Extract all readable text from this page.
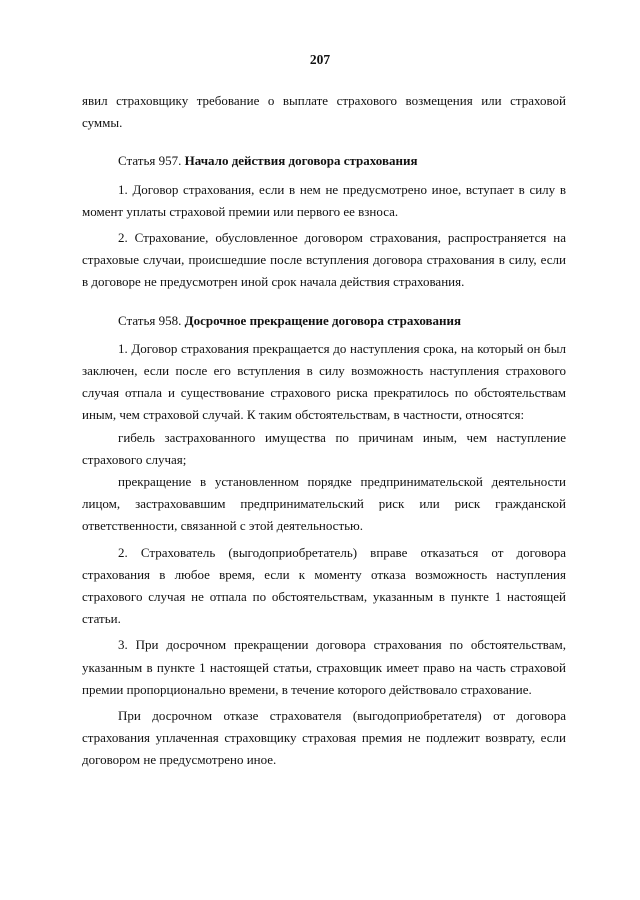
207

явил страховщику требование о выплате страхового возмещения или страховой суммы.

Статья 957. Начало действия договора страхования

1. Договор страхования, если в нем не предусмотрено иное, вступает в силу в момент уплаты страховой премии или первого ее взноса.

2. Страхование, обусловленное договором страхования, распространяется на страховые случаи, происшедшие после вступления договора страхования в силу, если в договоре не предусмотрен иной срок начала действия страхования.

Статья 958. Досрочное прекращение договора страхования

1. Договор страхования прекращается до наступления срока, на который он был заключен, если после его вступления в силу возможность наступления страхового случая отпала и существование страхового риска прекратилось по обстоятельствам иным, чем страховой случай. К таким обстоятельствам, в частности, относятся:

гибель застрахованного имущества по причинам иным, чем наступление страхового случая;

прекращение в установленном порядке предпринимательской деятельности лицом, застраховавшим предпринимательский риск или риск гражданской ответственности, связанной с этой деятельностью.

2. Страхователь (выгодоприобретатель) вправе отказаться от договора страхования в любое время, если к моменту отказа возможность наступления страхового случая не отпала по обстоятельствам, указанным в пункте 1 настоящей статьи.

3. При досрочном прекращении договора страхования по обстоятельствам, указанным в пункте 1 настоящей статьи, страховщик имеет право на часть страховой премии пропорционально времени, в течение которого действовало страхование.

При досрочном отказе страхователя (выгодоприобретателя) от договора страхования уплаченная страховщику страховая премия не подлежит возврату, если договором не предусмотрено иное.
